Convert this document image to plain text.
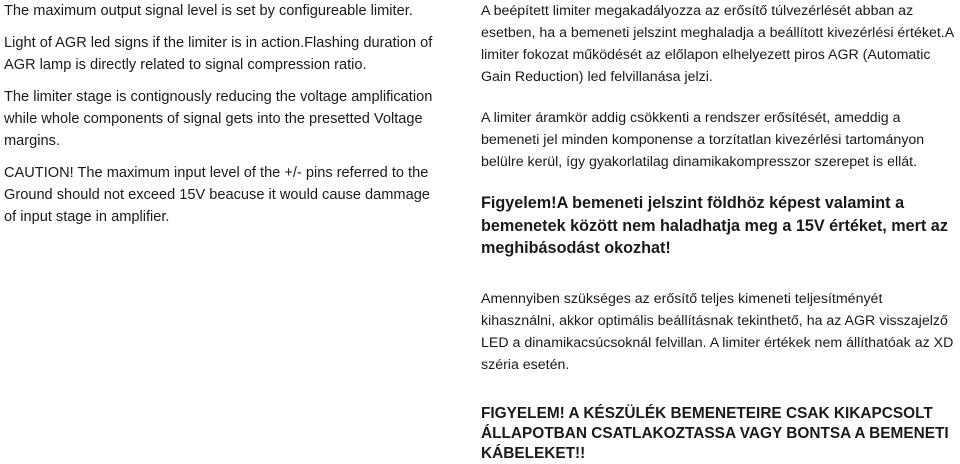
The maximum output signal level is set by configureable limiter.

Light of AGR led signs if the limiter is in action.Flashing duration of AGR lamp is directly related to signal compression ratio.

The limiter stage is contignously reducing the voltage amplification while whole components of signal gets into the presetted Voltage margins.

CAUTION! The maximum input level of the +/- pins referred to the Ground should not exceed 15V beacuse it would cause dammage of input stage in amplifier.

A beépített limiter megakadályozza az erősítő túlvezérlését abban az esetben, ha a bemeneti jelszint meghaladja a beállított kivezérlési értéket.A limiter fokozat működését az előlapon elhelyezett piros AGR (Automatic Gain Reduction) led felvillanása jelzi.

A limiter áramkör addig csökkenti a rendszer erősítését, ameddig a bemeneti jel minden komponense a torzítatlan kivezérlési tartományon belülre kerül, így gyakorlatilag dinamikakompresszor szerepet is ellát.

Figyelem!A bemeneti jelszint földhöz képest valamint a bemenetek között nem haladhatja meg a 15V értéket, mert az meghibásodást okozhat!

Amennyiben szükséges az erősítő teljes kimeneti teljesítményét kihasználni, akkor optimális beállításnak tekinthető, ha az AGR visszajelző LED a dinamikacsúcsoknál felvillan. A limiter értékek nem állíthatóak az XD széria esetén.

FIGYELEM! A KÉSZÜLÉK BEMENETEIRE CSAK KIKAPCSOLT ÁLLAPOTBAN CSATLAKOZTASSA VAGY BONTSA A BEMENETI KÁBELEKET!!
